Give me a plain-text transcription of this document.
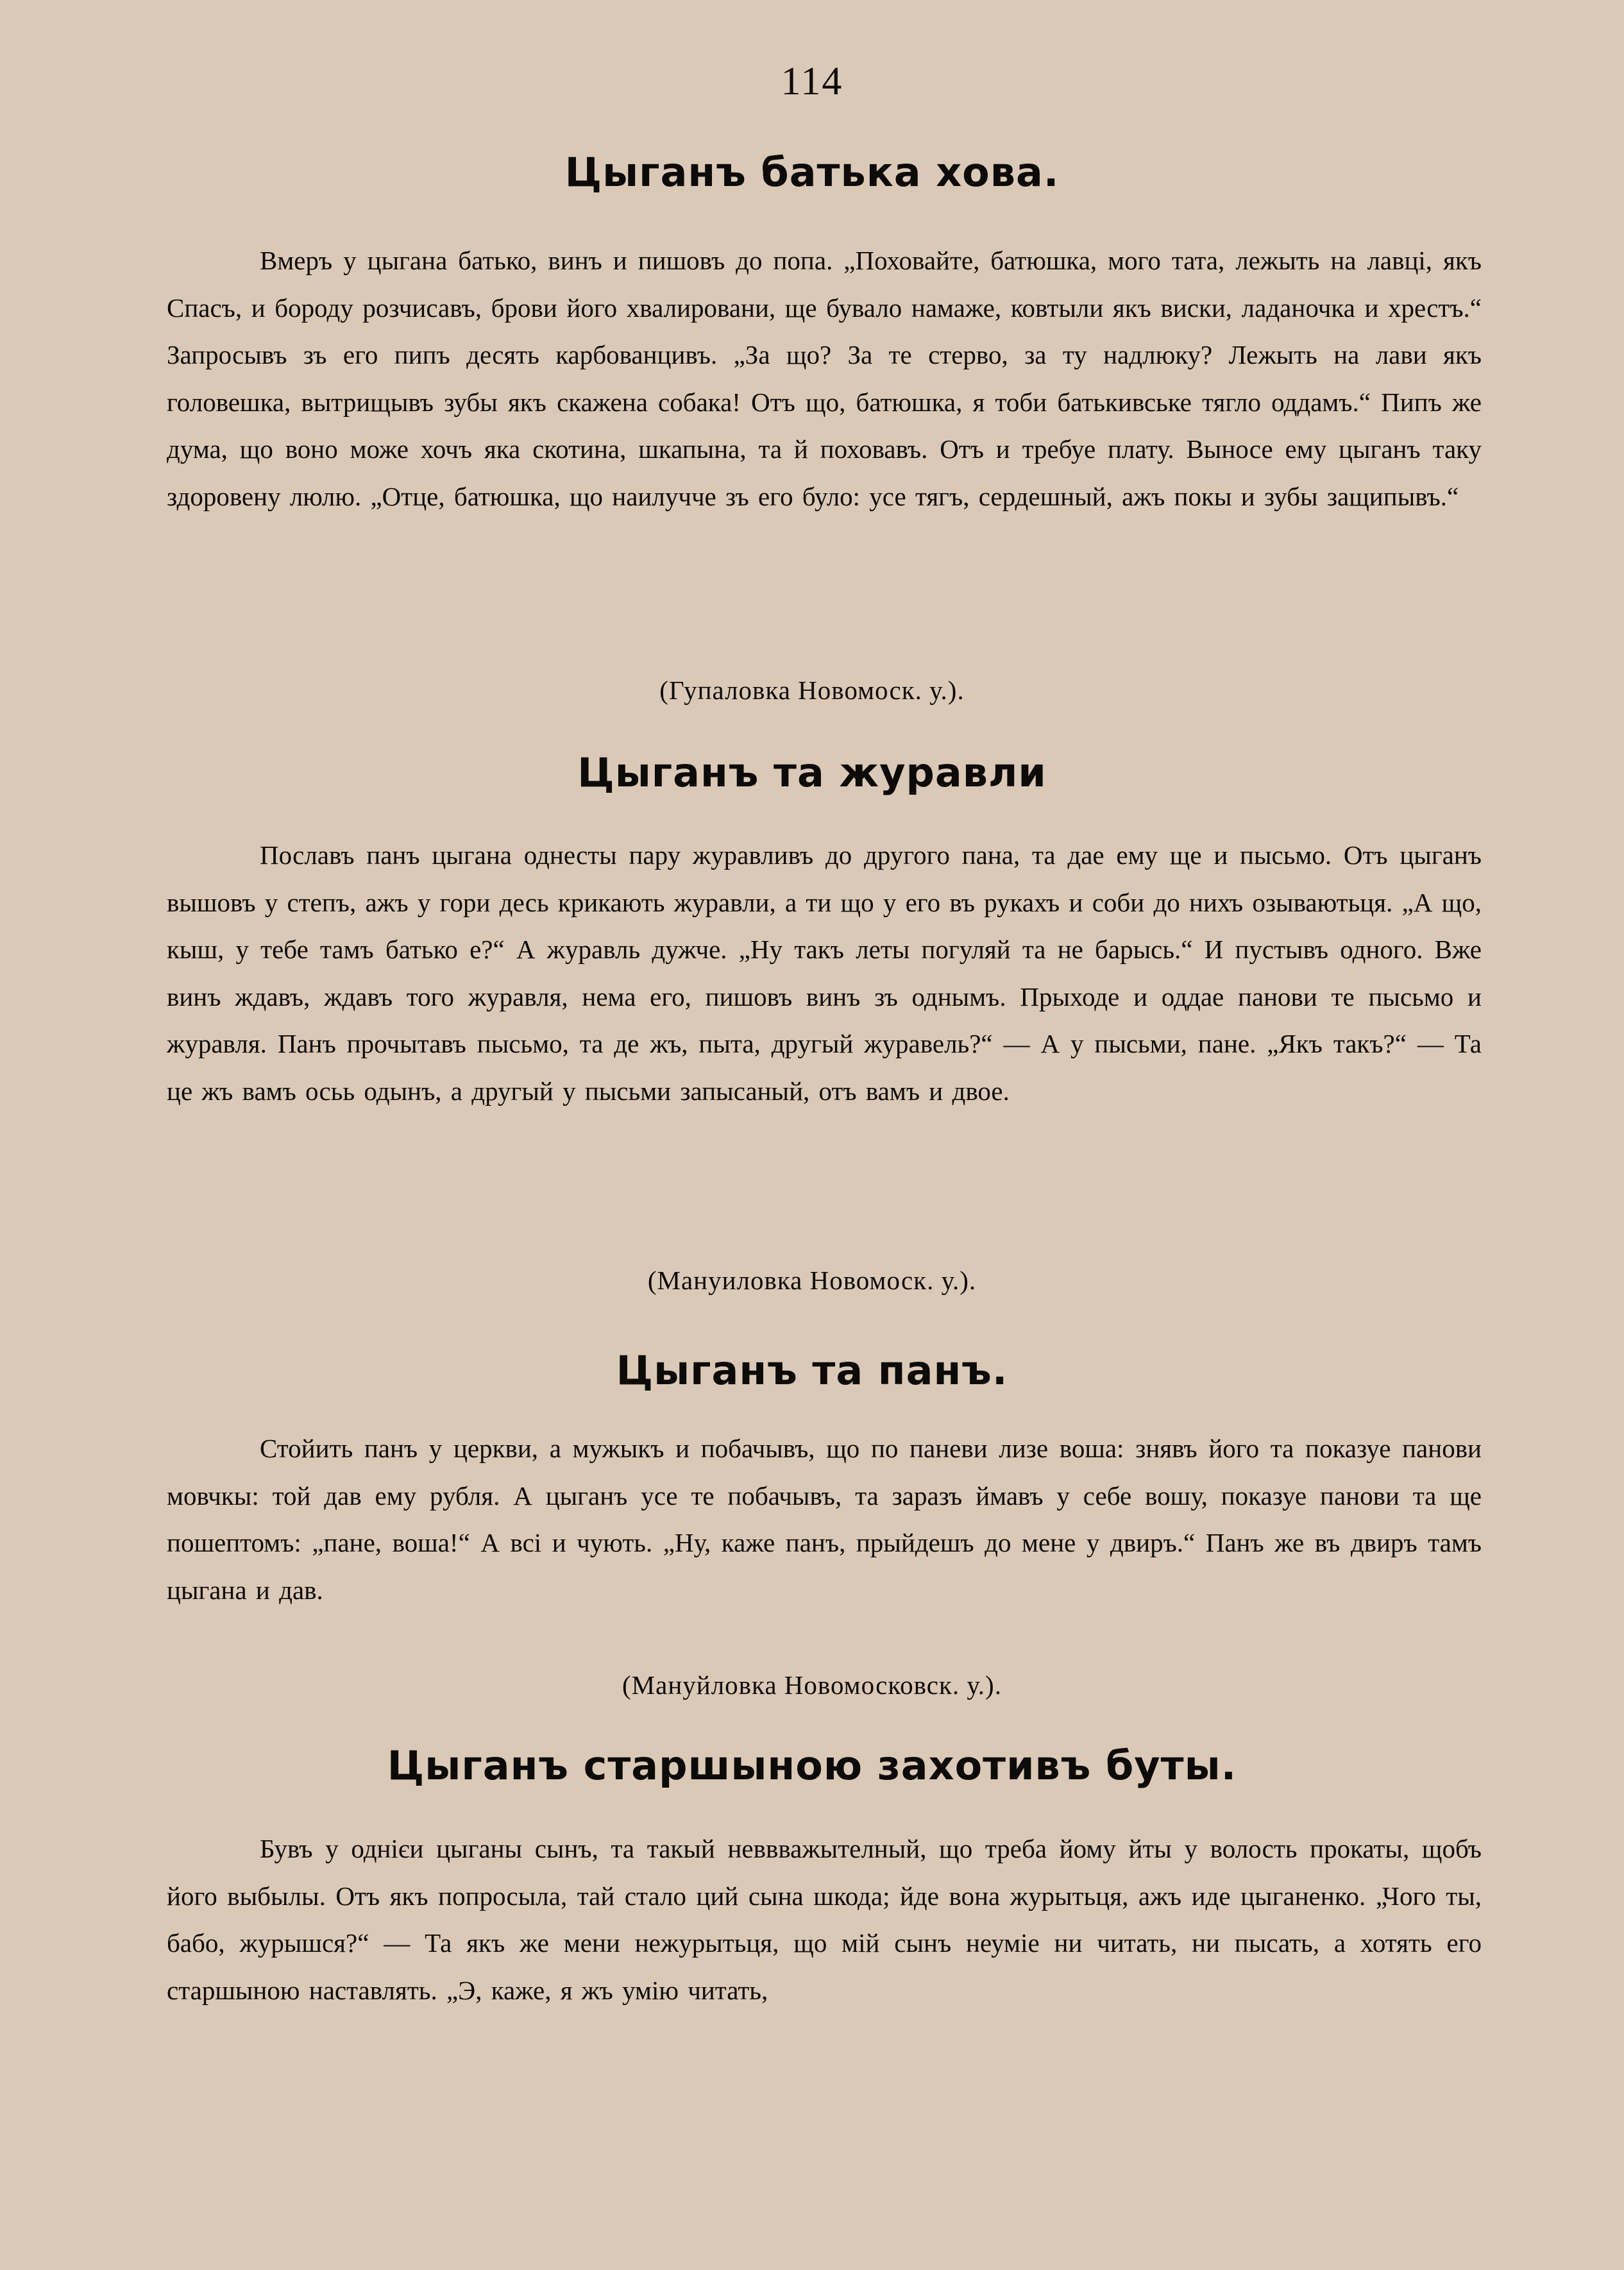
114
Цыганъ батька хова.

Вмеръ у цыгана батько, винъ и пишовъ до попа. „Поховайте, батюшка, мого тата, лежыть на лавці, якъ Спасъ, и бороду розчисавъ, брови його хвалировани, ще бувало намаже, ковтыли якъ виски, ладаночка и хрестъ.“ Запросывъ зъ его пипъ десять карбованцивъ. „За що? За те стерво, за ту надлюку? Лежыть на лави якъ головешка, вытрищывъ зубы якъ скажена собака! Отъ що, батюшка, я тоби батькивське тягло оддамъ.“ Пипъ же дума, що воно може хочъ яка скотина, шкапына, та й поховавъ. Отъ и требуе плату. Выносе ему цыганъ таку здоровену люлю. „Отце, батюшка, що наилучче зъ его було: усе тягъ, сердешный, ажъ покы и зубы защипывъ.“

(Гупаловка Новомоск. у.).

Цыганъ та журавли

Пославъ панъ цыгана однесты пару журавливъ до другого пана, та дае ему ще и пысьмо. Отъ цыганъ вышовъ у степъ, ажъ у гори десь крикають журавли, а ти що у его въ рукахъ и соби до нихъ озываютьця. „А що, кыш, у тебе тамъ батько е?“ А журавль дужче. „Ну такъ леты погуляй та не барысь.“ И пустывъ одного. Вже винъ ждавъ, ждавъ того журавля, нема его, пишовъ винъ зъ однымъ. Прыходе и оддае панови те пысьмо и журавля. Панъ прочытавъ пысьмо, та де жъ, пыта, другый журавель?“ — А у пысьми, пане. „Якъ такъ?“ — Та це жъ вамъ осьь одынъ, а другый у пысьми запысаный, отъ вамъ и двое.

(Мануиловка Новомоск. у.).

Цыганъ та панъ.

Стойить панъ у церкви, а мужыкъ и побачывъ, що по паневи лизе воша: знявъ його та показуе панови мовчкы: той дав ему рубля. А цыганъ усе те побачывъ, та заразъ ймавъ у себе вошу, показуе панови та ще пошептомъ: „пане, воша!“ А всі и чують. „Ну, каже панъ, прыйдешъ до мене у двиръ.“ Панъ же въ двиръ тамъ цыгана и дав.

(Мануйловка Новомосковск. у.).

Цыганъ старшыною захотивъ буты.

Бувъ у однієи цыганы сынъ, та такый неввважытелный, що треба йому йты у волость прокаты, щобъ його выбылы. Отъ якъ попросыла, тай стало ций сына шкода; йде вона журытьця, ажъ иде цыганенко. „Чого ты, бабо, журышся?“ — Та якъ же мени нежурытьця, що мій сынъ неуміе ни читать, ни пысать, а хотять его старшыною наставлять. „Э, каже, я жъ умію читать,
